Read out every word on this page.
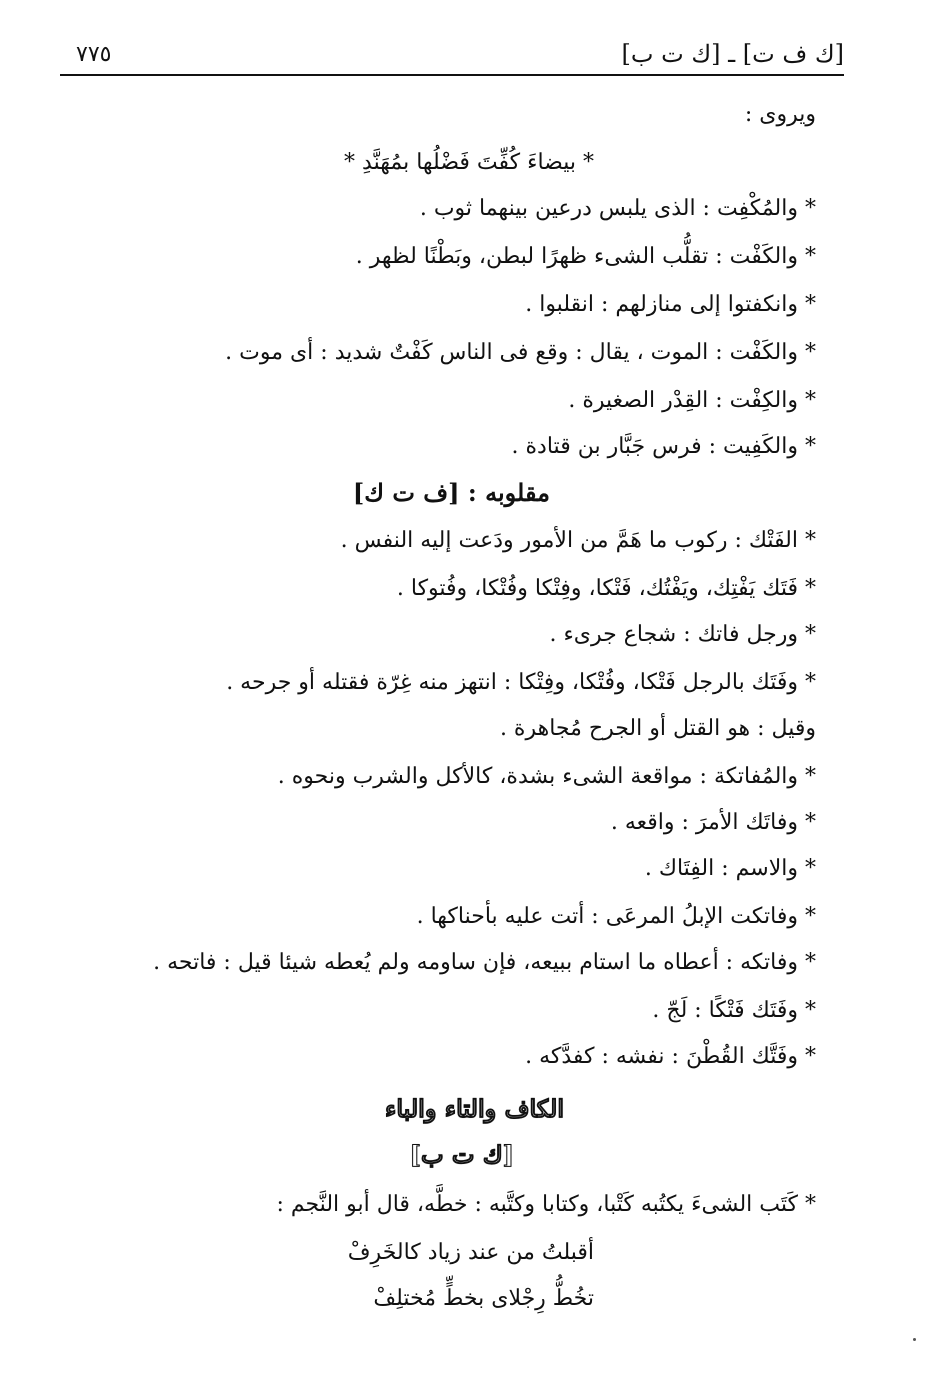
٧٧٥	[ك ف ت] ـ [ك ت ب]
ويروى :
* بيضاءَ كُفِّتَ فَضْلُها بمُهَنَّدِ *
* والمُكْفِت : الذى يلبس درعين بينهما ثوب .
* والكَفْت : تقلُّب الشىء ظهرًا لبطن، وبَطْنًا لظهر .
* وانكفتوا إلى منازلهم : انقلبوا .
* والكَفْت : الموت ، يقال : وقع فى الناس كَفْتٌ شديد : أى موت .
* والكِفْت : القِدْر الصغيرة .
* والكَفِيت : فرس جَبَّار بن قتادة .
مقلوبه : [ف ت ك]
* الفَتْك : ركوب ما هَمَّ من الأمور ودَعت إليه النفس .
* فَتَك يَفْتِك، ويَفْتُك، فَتْكا، وفِتْكا وفُتْكا، وفُتوكا .
* ورجل فاتك : شجاع جرىء .
* وفَتَك بالرجل فَتْكا، وفُتْكا، وفِتْكا : انتهز منه غِرّة فقتله أو جرحه .
وقيل : هو القتل أو الجرح مُجاهرة .
* والمُفاتكة : مواقعة الشىء بشدة، كالأكل والشرب ونحوه .
* وفاتَك الأمرَ : واقعه .
* والاسم : الفِتَاك .
* وفاتكت الإبلُ المرعَى : أتت عليه بأحناكها .
* وفاتكه : أعطاه ما استام ببيعه، فإن ساومه ولم يُعطه شيئا قيل : فاتحه .
* وفَتَك فَتْكًا : لَجّ .
* وفَتَّك القُطْنَ : نفشه : كفدَّكه .
الكاف والتاء والباء
[ك ت ب]
* كَتَب الشىءَ يكتُبه كَتْبا، وكتابا وكتَّبه : خطَّه، قال أبو النَّجم :
أقبلتُ من عند زياد كالخَرِفْ
تخُطُّ رِجْلاى بخطٍّ مُختلِفْ
